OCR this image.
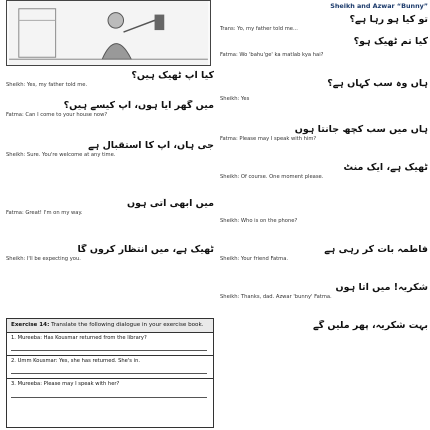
کیا آپ ٹھیک ہیں؟
Sheikh: Yes, my father told me.
میں گھر آیا ہوں، آپ کیسے ہیں؟
Fatma: Can I come to your house now?
جی ہاں، آپ کا استقبال ہے
Sheikh: Sure. You're welcome at any time.
میں ابھی آتی ہوں
Fatma: Great! I'm on my way.
ٹھیک ہے، میں انتظار کروں گا
Sheikh: I'll be expecting you.
Exercise 14: Translate the following dialogue in your exercise book.
1. Mureeba: Has Kousmar returned from the library?
2. Umm Kousmar: Yes, she has returned. She's in.
3. Mureeba: Please may I speak with her?
Sheikh and Azwar “Bunny”
تو کیا ہو رہا ہے؟
Trans: Yo, my father told me...
کیا تم ٹھیک ہو؟
Fatma: Wo 'bahu'ge' ka matlab kya hai?
ہاں وہ سب کہاں ہے؟
Sheikh: Yes
ہاں میں سب کچھ جانتا ہوں
Fatma: Please may I speak with him?
ٹھیک ہے، ایک منٹ
Sheikh: Of course. One moment please.
Sheikh: Who is on the phone?
فاطمہ بات کر رہی ہے
Sheikh: Your friend Fatma.
شکریہ! میں آتا ہوں
Sheikh: Thanks, dad. Azwar 'bunny' Fatma.
بہت شکریہ، پھر ملیں گے
